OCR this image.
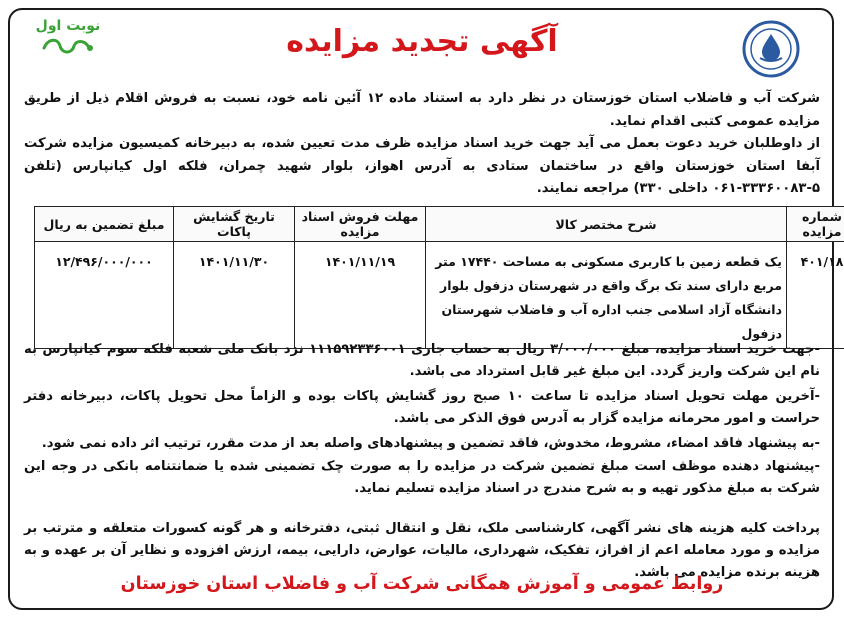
آگهی تجدید مزایده
نوبت اول
شرکت آب و فاضلاب استان خوزستان در نظر دارد به استناد ماده ۱۲ آئین نامه خود، نسبت به فروش اقلام ذیل از طریق مزایده عمومی کتبی اقدام نماید.
از داوطلبان خرید دعوت بعمل می آید جهت خرید اسناد مزایده ظرف مدت تعیین شده، به دبیرخانه کمیسیون مزایده شرکت آبفا استان خوزستان واقع در ساختمان ستادی به آدرس اهواز، بلوار شهید چمران، فلکه اول کیانپارس (تلفن ۵-۳۳۳۶۰۰۸۳-۰۶۱ داخلی ۳۳۰) مراجعه نمایند.
شماره مزایده	شرح مختصر کالا	مهلت فروش اسناد مزایده	تاریخ گشایش پاکات	مبلغ تضمین به ریال
۴۰۱/۱۸	یک قطعه زمین با کاربری مسکونی به مساحت ۱۷۴۴۰ متر مربع دارای سند تک برگ واقع در شهرستان دزفول بلوار دانشگاه آزاد اسلامی جنب اداره آب و فاضلاب شهرستان دزفول	۱۴۰۱/۱۱/۱۹	۱۴۰۱/۱۱/۳۰	۱۲/۴۹۶/۰۰۰/۰۰۰
-جهت خرید اسناد مزایده، مبلغ ۳/۰۰۰/۰۰۰ ریال به حساب جاری ۱۱۱۵۹۲۳۳۶۰۰۱ نزد بانک ملی شعبه فلکه سوم کیانپارس به نام این شرکت واریز گردد. این مبلغ غیر قابل استرداد می باشد.
-آخرین مهلت تحویل اسناد مزایده تا ساعت ۱۰ صبح روز گشایش پاکات بوده و الزاماً محل تحویل پاکات، دبیرخانه دفتر حراست و امور محرمانه مزایده گزار به آدرس فوق الذکر می باشد.
-به پیشنهاد فاقد امضاء، مشروط، مخدوش، فاقد تضمین و پیشنهادهای واصله بعد از مدت مقرر، ترتیب اثر داده نمی شود.
-پیشنهاد دهنده موظف است مبلغ تضمین شرکت در مزایده را به صورت چک تضمینی شده یا ضمانتنامه بانکی در وجه این شرکت به مبلغ مذکور تهیه و به شرح مندرج در اسناد مزایده تسلیم نماید.
پرداخت کلیه هزینه های نشر آگهی، کارشناسی ملک، نقل و انتقال ثبتی، دفترخانه و هر گونه کسورات متعلقه و مترتب بر مزایده و مورد معامله اعم از افراز، تفکیک، شهرداری، مالیات، عوارض، دارایی، بیمه، ارزش افزوده و نظایر آن بر عهده و به هزینه برنده مزایده می باشد.
روابط عمومی و آموزش همگانی شرکت آب و فاضلاب استان خوزستان
